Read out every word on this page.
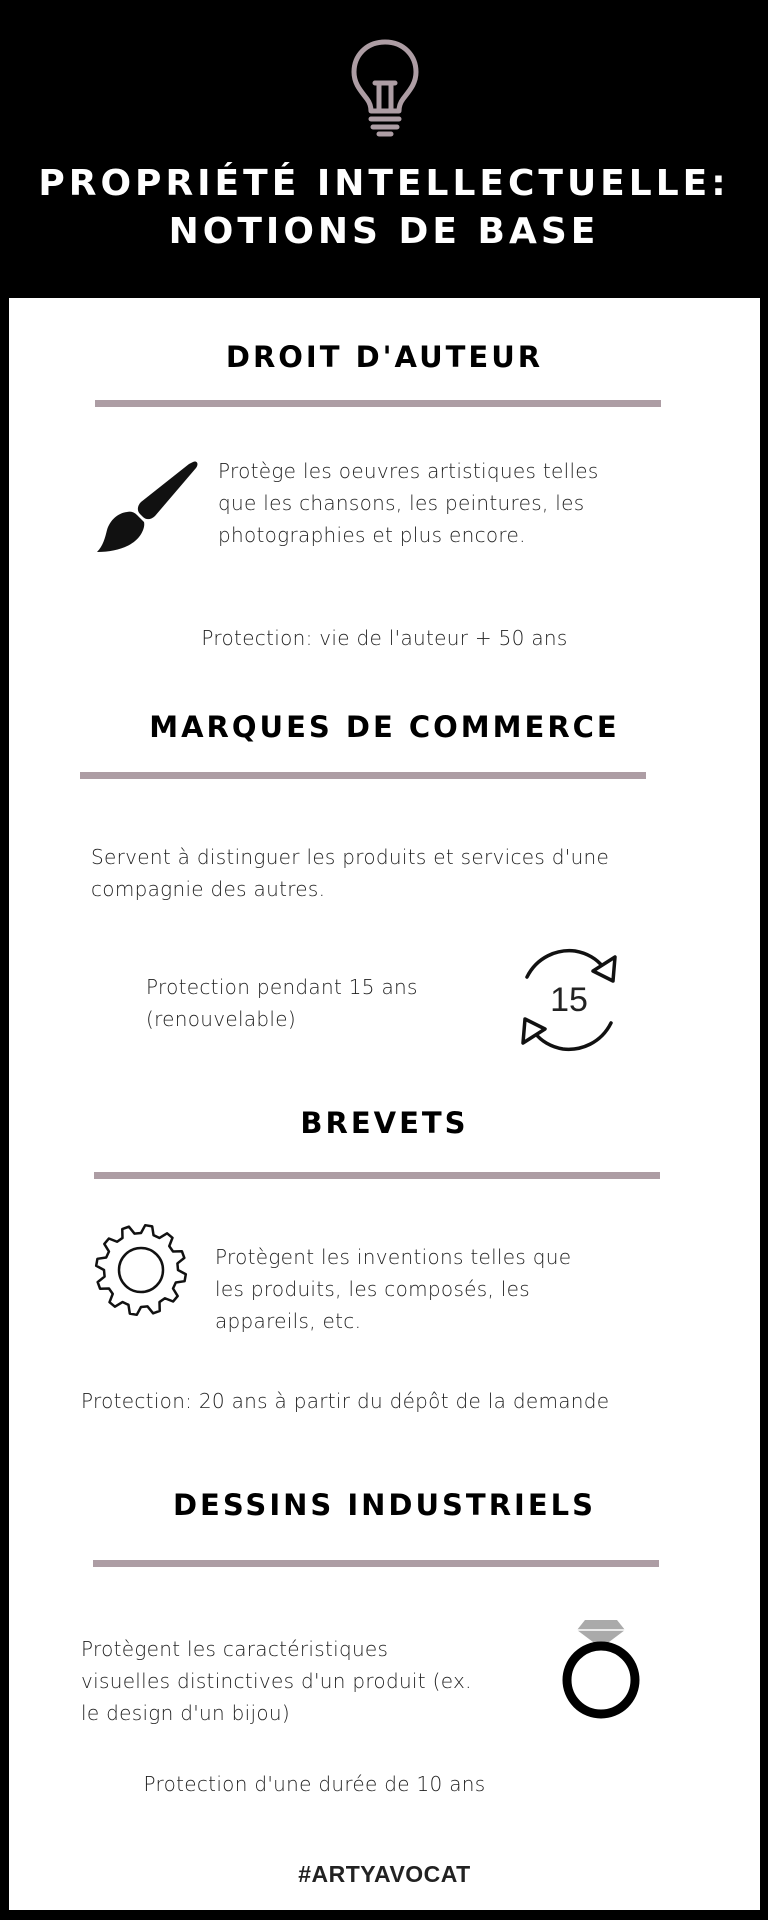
PROPRIÉTÉ INTELLECTUELLE:
NOTIONS DE BASE
DROIT D'AUTEUR
Protège les oeuvres artistiques telles
que les chansons, les peintures, les
photographies et plus encore.
Protection: vie de l'auteur + 50 ans
MARQUES DE COMMERCE
Servent à distinguer les produits et services d'une
compagnie des autres.
Protection pendant 15 ans
(renouvelable)	15
BREVETS
Protègent les inventions telles que
les produits, les composés, les
appareils, etc.
Protection: 20 ans à partir du dépôt de la demande
DESSINS INDUSTRIELS
Protègent les caractéristiques
visuelles distinctives d'un produit (ex.
le design d'un bijou)
Protection d'une durée de 10 ans
#ARTYAVOCAT
